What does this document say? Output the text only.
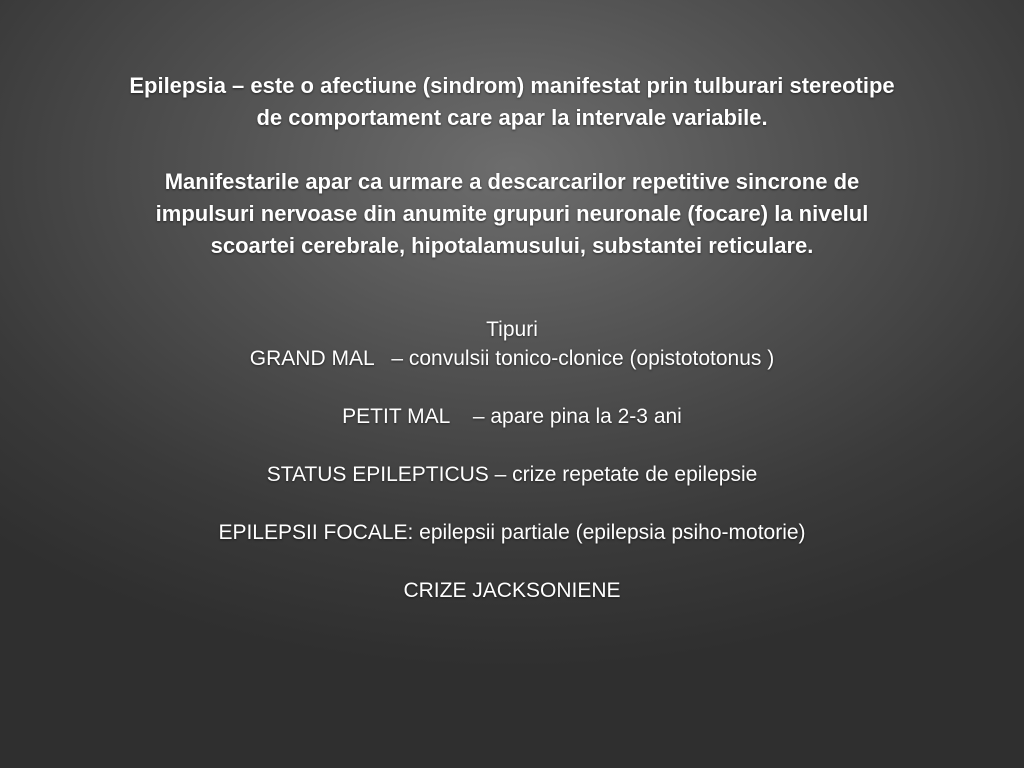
Epilepsia – este o afectiune (sindrom) manifestat prin tulburari stereotipe

de comportament care apar la intervale variabile.

Manifestarile apar ca urmare a descarcarilor repetitive sincrone de

impulsuri nervoase din anumite grupuri neuronale (focare) la nivelul

scoartei cerebrale, hipotalamusului, substantei reticulare.

Tipuri

GRAND MAL   – convulsii tonico-clonice (opistototonus )

PETIT MAL    – apare pina la 2-3 ani

STATUS EPILEPTICUS – crize repetate de epilepsie

EPILEPSII FOCALE: epilepsii partiale (epilepsia psiho-motorie)

CRIZE JACKSONIENE
